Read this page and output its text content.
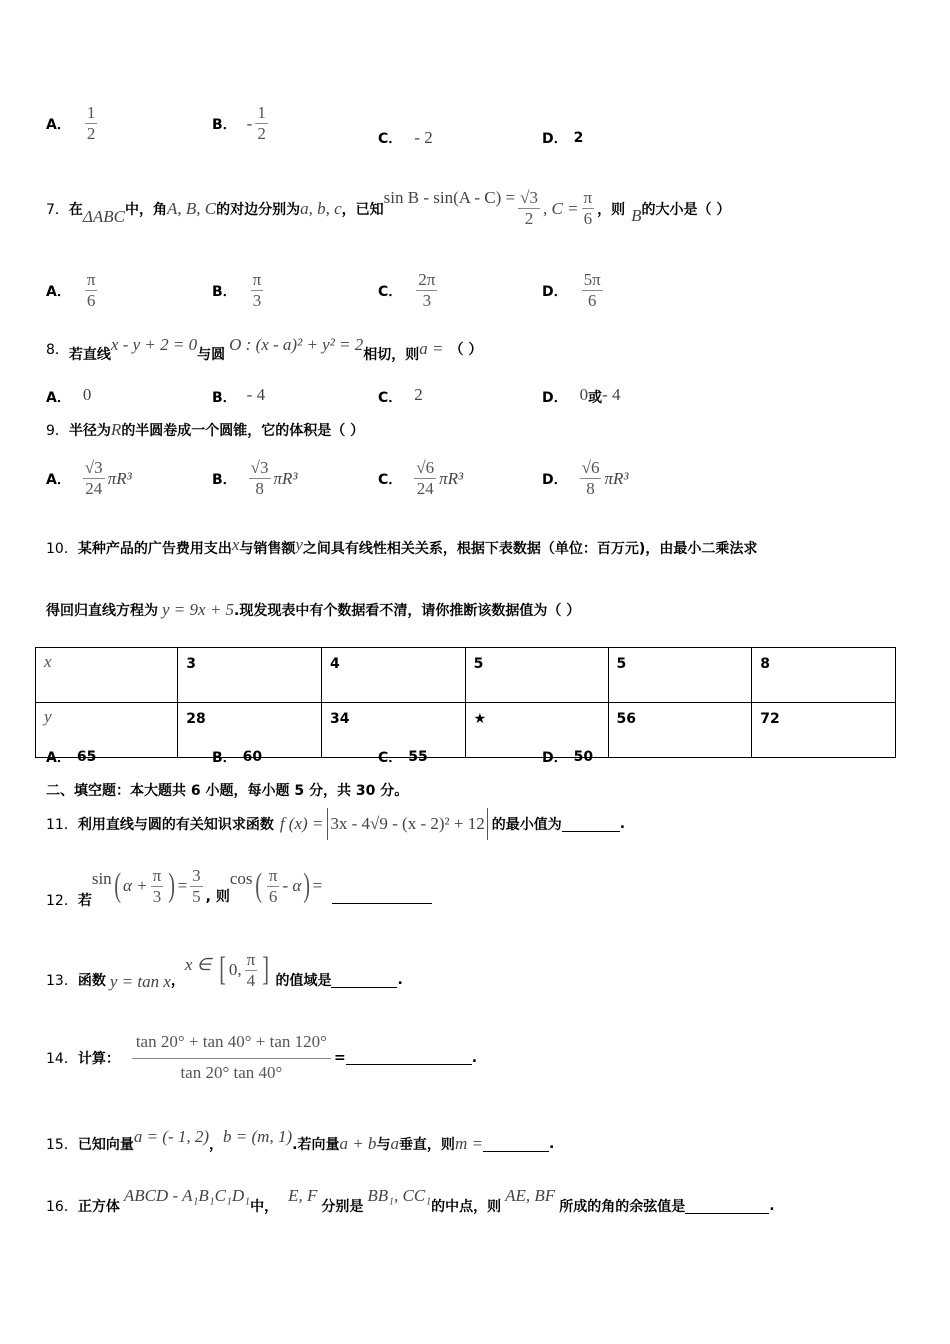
A． $\frac{1}{2}$	B． - $\frac{1}{2}$	C． - 2	D． 2
7． 在 ΔABC 中，角 A, B, C 的对边分别为 a, b, c ，已知
$\sin B - \sin(A - C) = \frac{√3}{2}$ , $C = \frac{\pi}{6}$ ，则 B 的大小是（ ）
A． $\frac{\pi}{6}$	B． $\frac{\pi}{3}$	C． $\frac{2\pi}{3}$	D． $\frac{5\pi}{6}$
8． 若直线
x - y + 2 = 0
与圆
O : (x - a)² + y² = 2
相切，则 a = （ ）
A． 0	B． - 4	C． 2	D． 0 或 - 4
9． 半径为 R 的半圆卷成一个圆锥，它的体积是（ ）
A． $\frac{√3}{24} \pi R^3$	B． $\frac{√3}{8} \pi R^3$	C． $\frac{√6}{24} \pi R^3$	D． $\frac{√6}{8} \pi R^3$
10． 某种产品的广告费用支出 x 与销售额 y 之间具有线性相关关系，根据下表数据（单位：百万元)，由最小二乘法求
得回归直线方程为 y = 9x + 5 .现发现表中有个数据看不清，请你推断该数据值为（ ）
x	3	4	5	5	8
y	28	34	★	56	72
A． 65	B． 60	C． 55	D． 50
二、填空题：本大题共 6 小题，每小题 5 分，共 30 分。
11． 利用直线与圆的有关知识求函数 f (x) = 3x - 4√9 - (x - 2)² + 12 的最小值为	.
12． 若
sin ( $\alpha + \frac{\pi}{3}$ ) = $\frac{3}{5}$ , 则
cos ( $\frac{\pi}{6}$ - α ) =
13． 函数 y = tan x ，
x ∈ [ 0, $\frac{\pi}{4}$ ] 的值域是	.
14． 计算： $\frac{\tan 20^\circ + \tan 40^\circ + \tan 120^\circ}{\tan 20^\circ \tan 40^\circ}$ =	.
15． 已知向量 a = (- 1, 2) ， b = (m, 1) .若向量 a + b 与 a 垂直，则 m =	.
16． 正方体
ABCD - A₁B₁C₁D₁
中，
E, F
分别是
BB₁, CC₁
的中点，则
AE, BF
所成的角的余弦值是	.
